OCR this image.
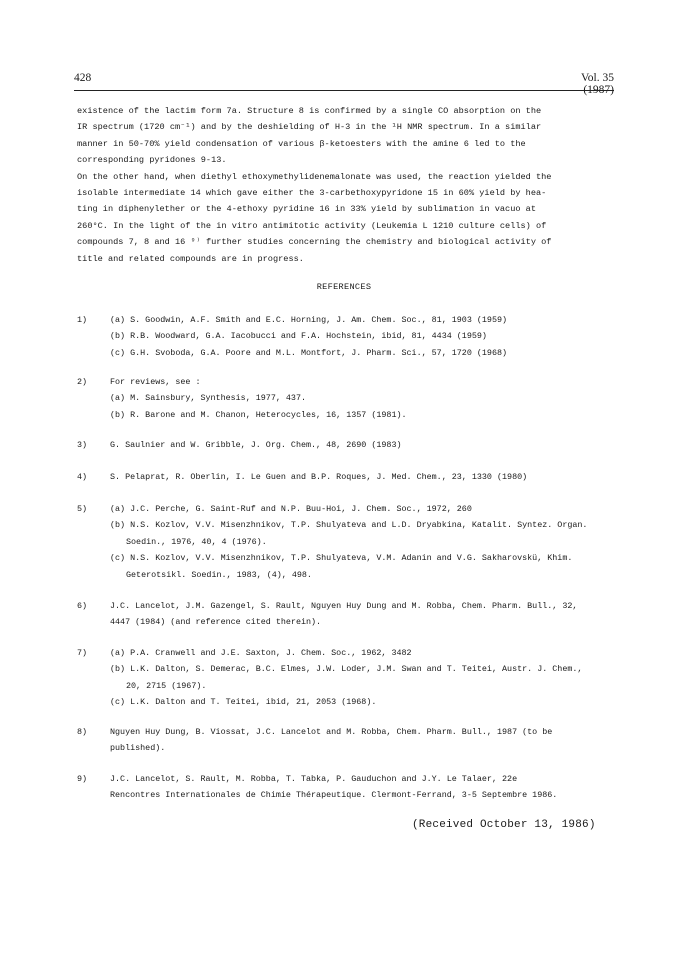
428	Vol. 35 (1987)
existence of the lactim form 7a. Structure 8 is confirmed by a single CO absorption on the
IR spectrum (1720 cm⁻¹) and by the deshielding of H-3 in the ¹H NMR spectrum. In a similar
manner in 50-70% yield condensation of various β-ketoesters with the amine 6 led to the
corresponding pyridones 9-13.
On the other hand, when diethyl ethoxymethylidenemalonate was used, the reaction yielded the
isolable intermediate 14 which gave either the 3-carbethoxypyridone 15 in 60% yield by hea-
ting in diphenylether or the 4-ethoxy pyridine 16 in 33% yield by sublimation in vacuo at
260°C. In the light of the in vitro antimitotic activity (Leukemia L 1210 culture cells) of
compounds 7, 8 and 16 ⁹⁾ further studies concerning the chemistry and biological activity of
title and related compounds are in progress.
REFERENCES
1)	(a) S. Goodwin, A.F. Smith and E.C. Horning, J. Am. Chem. Soc., 81, 1903 (1959)
(b) R.B. Woodward, G.A. Iacobucci and F.A. Hochstein, ibid, 81, 4434 (1959)
(c) G.H. Svoboda, G.A. Poore and M.L. Montfort, J. Pharm. Sci., 57, 1720 (1968)
2)	For reviews, see :
(a) M. Sainsbury, Synthesis, 1977, 437.
(b) R. Barone and M. Chanon, Heterocycles, 16, 1357 (1981).
3)	G. Saulnier and W. Gribble, J. Org. Chem., 48, 2690 (1983)
4)	S. Pelaprat, R. Oberlin, I. Le Guen and B.P. Roques, J. Med. Chem., 23, 1330 (1980)
5)	(a) J.C. Perche, G. Saint-Ruf and N.P. Buu-Hoi, J. Chem. Soc., 1972, 260
(b) N.S. Kozlov, V.V. Misenzhnikov, T.P. Shulyateva and L.D. Dryabkina, Katalit. Syntez. Organ.
Soedin., 1976, 40, 4 (1976).
(c) N.S. Kozlov, V.V. Misenzhnikov, T.P. Shulyateva, V.M. Adanin and V.G. Sakharovskü, Khim.
Geterotsikl. Soedin., 1983, (4), 498.
6)	J.C. Lancelot, J.M. Gazengel, S. Rault, Nguyen Huy Dung and M. Robba, Chem. Pharm. Bull., 32,
4447 (1984) (and reference cited therein).
7)	(a) P.A. Cranwell and J.E. Saxton, J. Chem. Soc., 1962, 3482
(b) L.K. Dalton, S. Demerac, B.C. Elmes, J.W. Loder, J.M. Swan and T. Teitei, Austr. J. Chem.,
20, 2715 (1967).
(c) L.K. Dalton and T. Teitei, ibid, 21, 2053 (1968).
8)	Nguyen Huy Dung, B. Viossat, J.C. Lancelot and M. Robba, Chem. Pharm. Bull., 1987 (to be
published).
9)	J.C. Lancelot, S. Rault, M. Robba, T. Tabka, P. Gauduchon and J.Y. Le Talaer, 22e
Rencontres Internationales de Chimie Thérapeutique. Clermont-Ferrand, 3-5 Septembre 1986.
(Received October 13, 1986)
